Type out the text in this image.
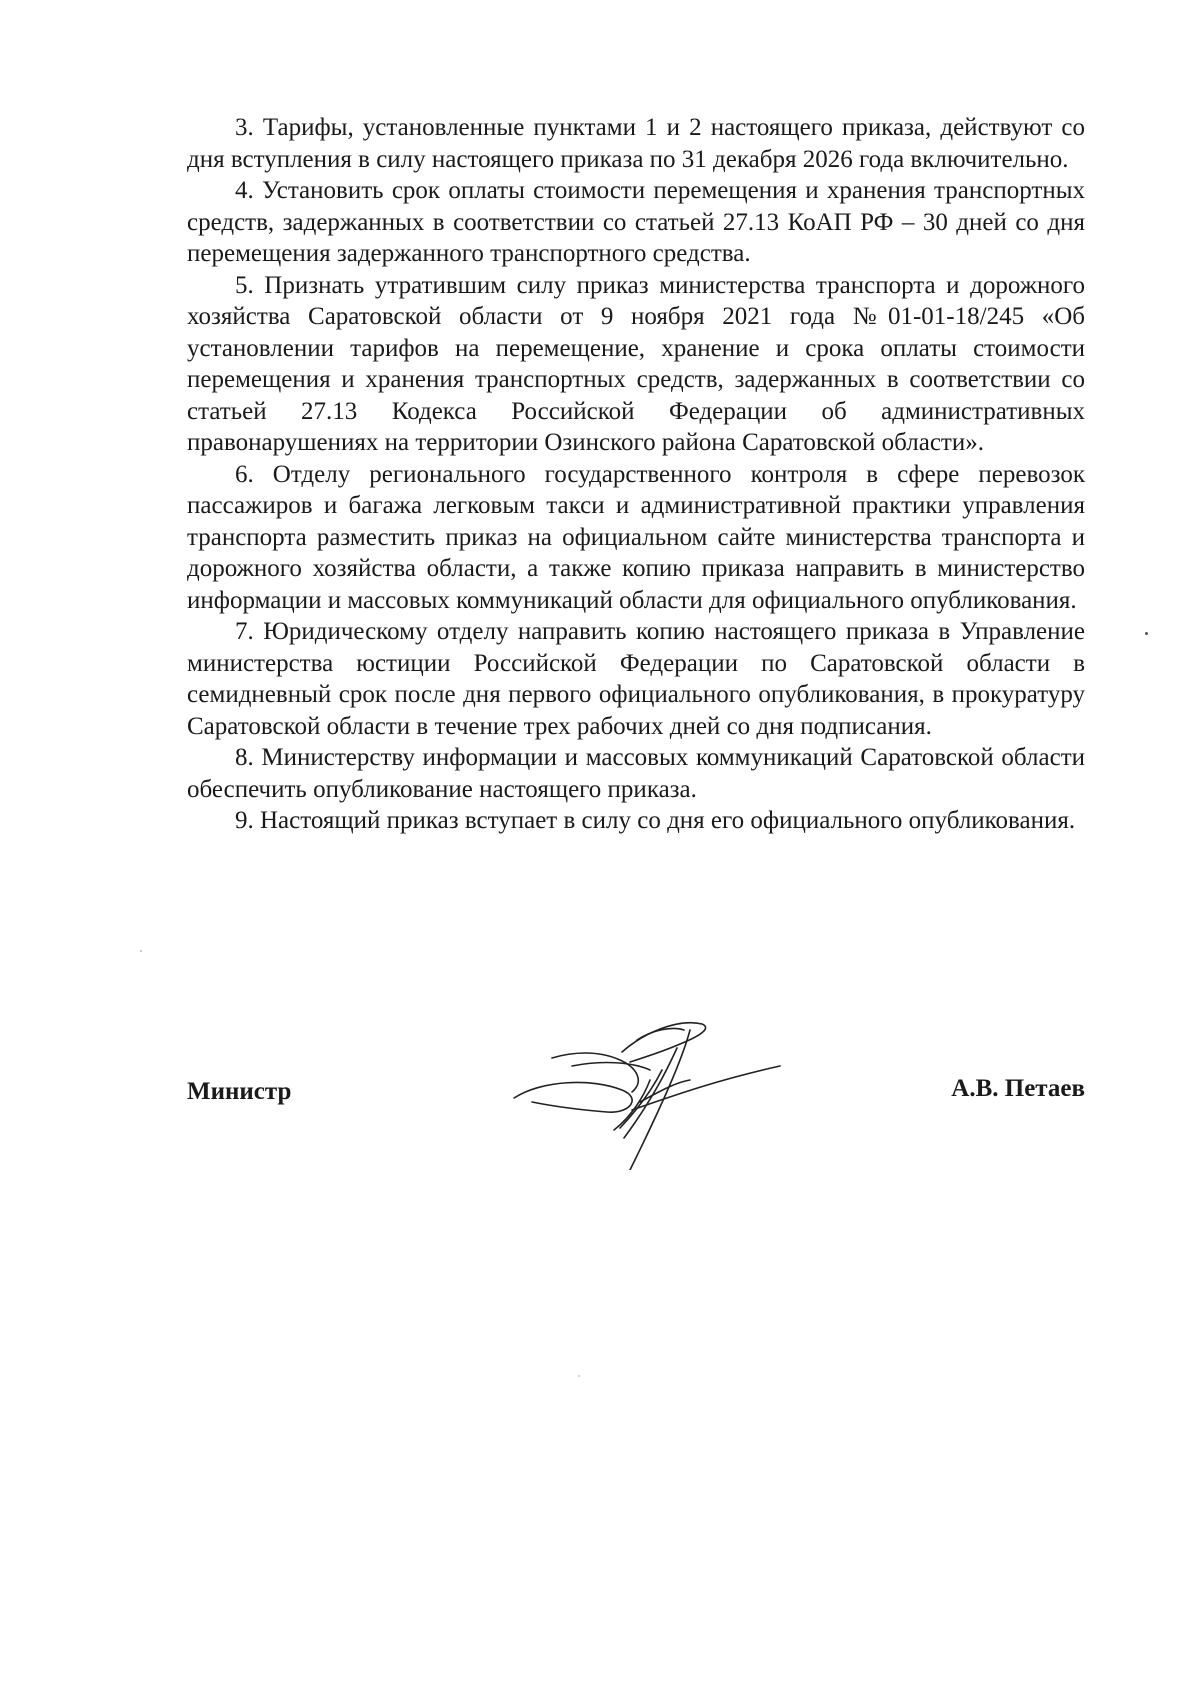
3. Тарифы, установленные пунктами 1 и 2 настоящего приказа, действуют со дня вступления в силу настоящего приказа по 31 декабря 2026 года включительно.

4. Установить срок оплаты стоимости перемещения и хранения транспортных средств, задержанных в соответствии со статьей 27.13 КоАП РФ – 30 дней со дня перемещения задержанного транспортного средства.

5. Признать утратившим силу приказ министерства транспорта и дорожного хозяйства Саратовской области от 9 ноября 2021 года №01-01-18/245 «Об установлении тарифов на перемещение, хранение и срока оплаты стоимости перемещения и хранения транспортных средств, задержанных в соответствии со статьей 27.13 Кодекса Российской Федерации об административных правонарушениях на территории Озинского района Саратовской области».

6. Отделу регионального государственного контроля в сфере перевозок пассажиров и багажа легковым такси и административной практики управления транспорта разместить приказ на официальном сайте министерства транспорта и дорожного хозяйства области, а также копию приказа направить в министерство информации и массовых коммуникаций области для официального опубликования.

7. Юридическому отделу направить копию настоящего приказа в Управление министерства юстиции Российской Федерации по Саратовской области в семидневный срок после дня первого официального опубликования, в прокуратуру Саратовской области в течение трех рабочих дней со дня подписания.

8. Министерству информации и массовых коммуникаций Саратовской области обеспечить опубликование настоящего приказа.

9. Настоящий приказ вступает в силу со дня его официального опубликования.

Министр	А.В. Петаев
